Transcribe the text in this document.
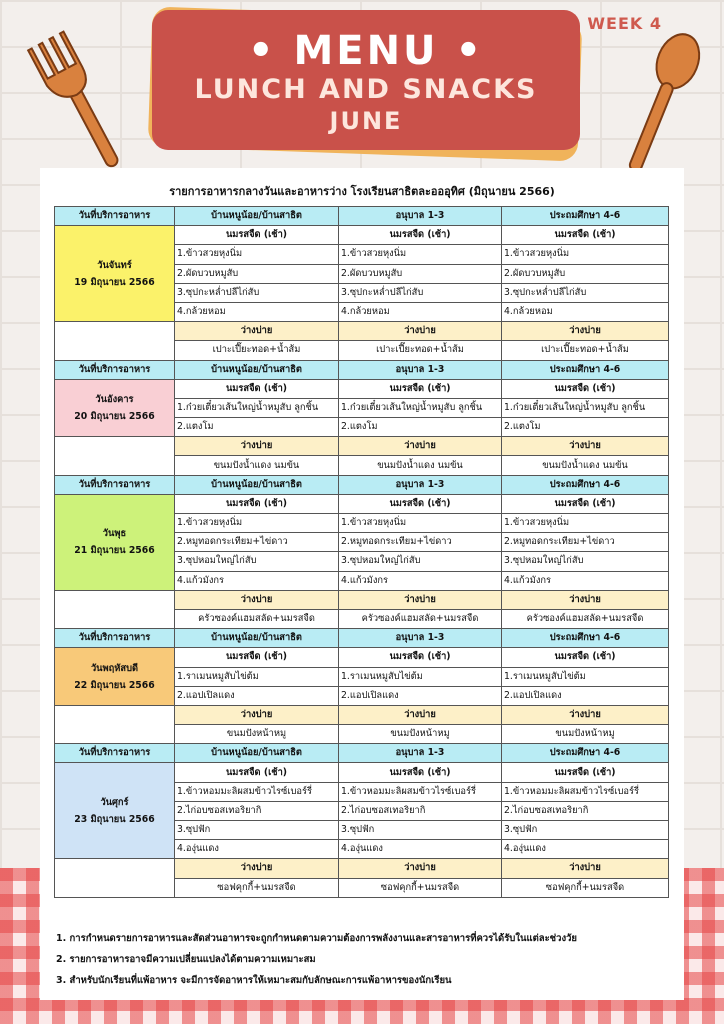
WEEK 4
• MENU •
LUNCH AND SNACKS
JUNE
รายการอาหารกลางวันและอาหารว่าง โรงเรียนสาธิตละอออุทิศ (มิถุนายน 2566)
วันที่บริการอาหาร	บ้านหนูน้อย/บ้านสาธิต	อนุบาล 1-3	ประถมศึกษา 4-6

วันจันทร์
19 มิถุนายน 2566	นมรสจืด (เช้า)	นมรสจืด (เช้า)	นมรสจืด (เช้า)
	1.ข้าวสวยหุงนิ่ม	1.ข้าวสวยหุงนิ่ม	1.ข้าวสวยหุงนิ่ม
	2.ผัดบวบหมูสับ	2.ผัดบวบหมูสับ	2.ผัดบวบหมูสับ
	3.ซุปกะหล่ำปลีไก่สับ	3.ซุปกะหล่ำปลีไก่สับ	3.ซุปกะหล่ำปลีไก่สับ
	4.กล้วยหอม	4.กล้วยหอม	4.กล้วยหอม
	ว่างบ่าย	ว่างบ่าย	ว่างบ่าย
	เปาะเปี๊ยะทอด+น้ำส้ม	เปาะเปี๊ยะทอด+น้ำส้ม	เปาะเปี๊ยะทอด+น้ำส้ม
วันที่บริการอาหาร	บ้านหนูน้อย/บ้านสาธิต	อนุบาล 1-3	ประถมศึกษา 4-6

วันอังคาร
20 มิถุนายน 2566	นมรสจืด (เช้า)	นมรสจืด (เช้า)	นมรสจืด (เช้า)
	1.ก๋วยเตี๋ยวเส้นใหญ่น้ำหมูสับ ลูกชิ้น	1.ก๋วยเตี๋ยวเส้นใหญ่น้ำหมูสับ ลูกชิ้น	1.ก๋วยเตี๋ยวเส้นใหญ่น้ำหมูสับ ลูกชิ้น
	2.แตงโม	2.แตงโม	2.แตงโม
	ว่างบ่าย	ว่างบ่าย	ว่างบ่าย
	ขนมปังน้ำแดง นมข้น	ขนมปังน้ำแดง นมข้น	ขนมปังน้ำแดง นมข้น
วันที่บริการอาหาร	บ้านหนูน้อย/บ้านสาธิต	อนุบาล 1-3	ประถมศึกษา 4-6

วันพุธ
21 มิถุนายน 2566	นมรสจืด (เช้า)	นมรสจืด (เช้า)	นมรสจืด (เช้า)
	1.ข้าวสวยหุงนิ่ม	1.ข้าวสวยหุงนิ่ม	1.ข้าวสวยหุงนิ่ม
	2.หมูทอดกระเทียม+ไข่ดาว	2.หมูทอดกระเทียม+ไข่ดาว	2.หมูทอดกระเทียม+ไข่ดาว
	3.ซุปหอมใหญ่ไก่สับ	3.ซุปหอมใหญ่ไก่สับ	3.ซุปหอมใหญ่ไก่สับ
	4.แก้วมังกร	4.แก้วมังกร	4.แก้วมังกร
	ว่างบ่าย	ว่างบ่าย	ว่างบ่าย
	ครัวซองค์แฮมสลัด+นมรสจืด	ครัวซองค์แฮมสลัด+นมรสจืด	ครัวซองค์แฮมสลัด+นมรสจืด
วันที่บริการอาหาร	บ้านหนูน้อย/บ้านสาธิต	อนุบาล 1-3	ประถมศึกษา 4-6

วันพฤหัสบดี
22 มิถุนายน 2566	นมรสจืด (เช้า)	นมรสจืด (เช้า)	นมรสจืด (เช้า)
	1.ราเมนหมูสับไข่ต้ม	1.ราเมนหมูสับไข่ต้ม	1.ราเมนหมูสับไข่ต้ม
	2.แอปเปิลแดง	2.แอปเปิลแดง	2.แอปเปิลแดง
	ว่างบ่าย	ว่างบ่าย	ว่างบ่าย
	ขนมปังหน้าหมู	ขนมปังหน้าหมู	ขนมปังหน้าหมู
วันที่บริการอาหาร	บ้านหนูน้อย/บ้านสาธิต	อนุบาล 1-3	ประถมศึกษา 4-6

วันศุกร์
23 มิถุนายน 2566	นมรสจืด (เช้า)	นมรสจืด (เช้า)	นมรสจืด (เช้า)
	1.ข้าวหอมมะลิผสมข้าวไรซ์เบอร์รี่	1.ข้าวหอมมะลิผสมข้าวไรซ์เบอร์รี่	1.ข้าวหอมมะลิผสมข้าวไรซ์เบอร์รี่
	2.ไก่อบซอสเทอริยากิ	2.ไก่อบซอสเทอริยากิ	2.ไก่อบซอสเทอริยากิ
	3.ซุปฟัก	3.ซุปฟัก	3.ซุปฟัก
	4.องุ่นแดง	4.องุ่นแดง	4.องุ่นแดง
	ว่างบ่าย	ว่างบ่าย	ว่างบ่าย
	ซอฟคุกกี้+นมรสจืด	ซอฟคุกกี้+นมรสจืด	ซอฟคุกกี้+นมรสจืด
1. การกำหนดรายการอาหารและสัดส่วนอาหารจะถูกกำหนดตามความต้องการพลังงานและสารอาหารที่ควรได้รับในแต่ละช่วงวัย
2. รายการอาหารอาจมีความเปลี่ยนแปลงได้ตามความเหมาะสม
3. สำหรับนักเรียนที่แพ้อาหาร จะมีการจัดอาหารให้เหมาะสมกับลักษณะการแพ้อาหารของนักเรียน
